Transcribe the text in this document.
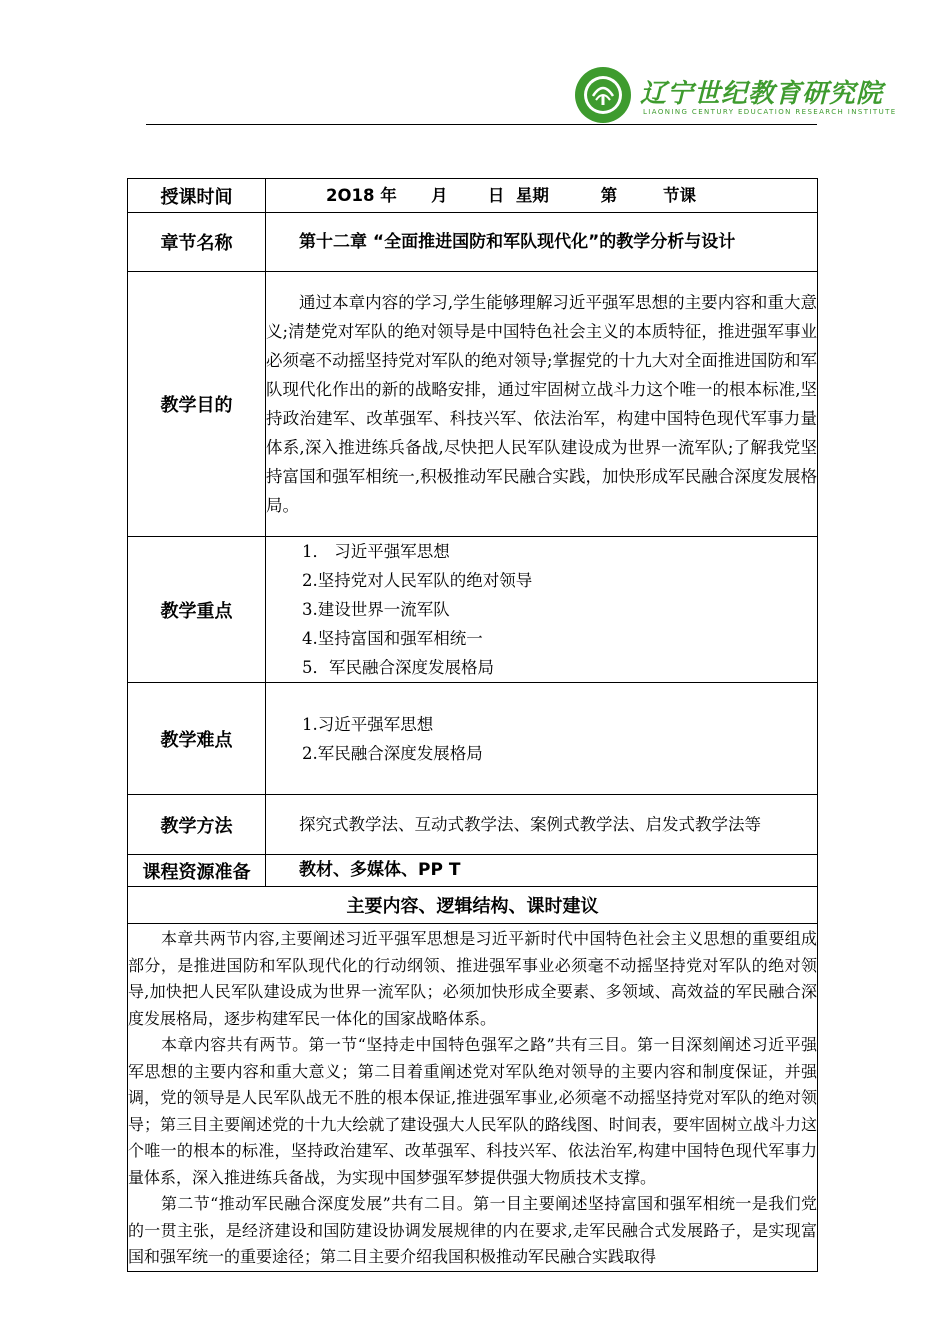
辽宁世纪教育研究院
LIAONING CENTURY EDUCATION RESEARCH INSTITUTE
授课时间	2O18 年      月       日  星期         第        节课
章节名称	第十二章 “全面推进国防和军队现代化”的教学分析与设计

教学目的	通过本章内容的学习,学生能够理解习近平强军思想的主要内容和重大意义;清楚党对军队的绝对领导是中国特色社会主义的本质特征，推进强军事业必须毫不动摇坚持党对军队的绝对领导;掌握党的十九大对全面推进国防和军队现代化作出的新的战略安排，通过牢固树立战斗力这个唯一的根本标准,坚持政治建军、改革强军、科技兴军、依法治军，构建中国特色现代军事力量体系,深入推进练兵备战,尽快把人民军队建设成为世界一流军队;了解我党坚持富国和强军相统一,积极推动军民融合实践，加快形成军民融合深度发展格局。

教学重点	1． 习近平强军思想
2.坚持党对人民军队的绝对领导
3.建设世界一流军队
4.坚持富国和强军相统一
5．军民融合深度发展格局

教学难点	1.习近平强军思想
2.军民融合深度发展格局

教学方法	探究式教学法、互动式教学法、案例式教学法、启发式教学法等

课程资源准备	教材、多媒体、PP T

主要内容、逻辑结构、课时建议	

本章共两节内容,主要阐述习近平强军思想是习近平新时代中国特色社会主义思想的重要组成部分，是推进国防和军队现代化的行动纲领、推进强军事业必须毫不动摇坚持党对军队的绝对领导,加快把人民军队建设成为世界一流军队；必须加快形成全要素、多领域、高效益的军民融合深度发展格局，逐步构建军民一体化的国家战略体系。

本章内容共有两节。第一节“坚持走中国特色强军之路”共有三目。第一目深刻阐述习近平强军思想的主要内容和重大意义；第二目着重阐述党对军队绝对领导的主要内容和制度保证，并强调，党的领导是人民军队战无不胜的根本保证,推进强军事业,必须毫不动摇坚持党对军队的绝对领导；第三目主要阐述党的十九大绘就了建设强大人民军队的路线图、时间表，要牢固树立战斗力这个唯一的根本的标准，坚持政治建军、改革强军、科技兴军、依法治军,构建中国特色现代军事力量体系，深入推进练兵备战，为实现中国梦强军梦提供强大物质技术支撑。

第二节“推动军民融合深度发展”共有二目。第一目主要阐述坚持富国和强军相统一是我们党的一贯主张，是经济建设和国防建设协调发展规律的内在要求,走军民融合式发展路子，是实现富国和强军统一的重要途径；第二目主要介绍我国积极推动军民融合实践取得	
